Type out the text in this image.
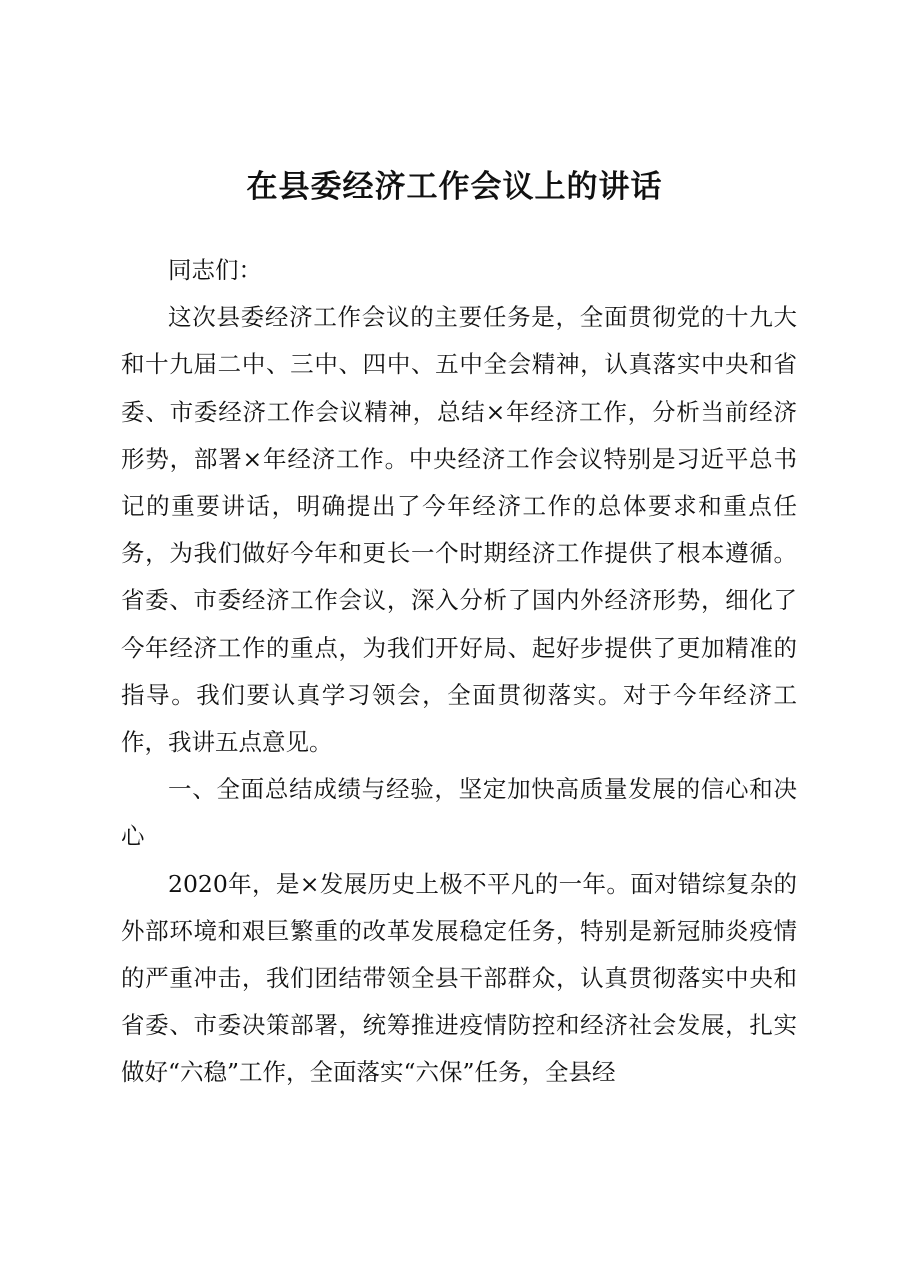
在县委经济工作会议上的讲话

同志们：

这次县委经济工作会议的主要任务是，全面贯彻党的十九大和十九届二中、三中、四中、五中全会精神，认真落实中央和省委、市委经济工作会议精神，总结×年经济工作，分析当前经济形势，部署×年经济工作。中央经济工作会议特别是习近平总书记的重要讲话，明确提出了今年经济工作的总体要求和重点任务，为我们做好今年和更长一个时期经济工作提供了根本遵循。省委、市委经济工作会议，深入分析了国内外经济形势，细化了今年经济工作的重点，为我们开好局、起好步提供了更加精准的指导。我们要认真学习领会，全面贯彻落实。对于今年经济工作，我讲五点意见。

一、全面总结成绩与经验，坚定加快高质量发展的信心和决心

2020年，是×发展历史上极不平凡的一年。面对错综复杂的外部环境和艰巨繁重的改革发展稳定任务，特别是新冠肺炎疫情的严重冲击，我们团结带领全县干部群众，认真贯彻落实中央和省委、市委决策部署，统筹推进疫情防控和经济社会发展，扎实做好“六稳”工作，全面落实“六保”任务，全县经
